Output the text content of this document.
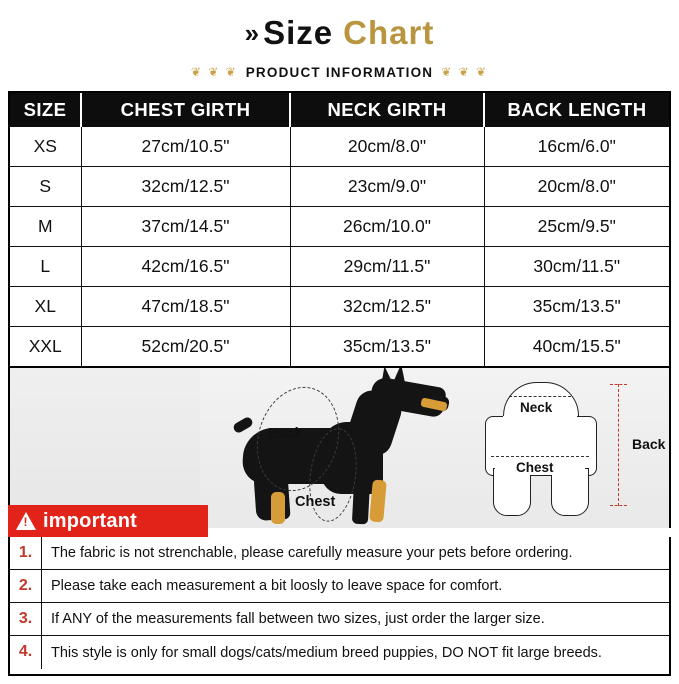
» Size Chart
❦ ❦ ❦ PRODUCT INFORMATION ❦ ❦ ❦
SIZE	CHEST GIRTH	NECK GIRTH	BACK LENGTH
XS	27cm/10.5"	20cm/8.0"	16cm/6.0"
S	32cm/12.5"	23cm/9.0"	20cm/8.0"
M	37cm/14.5"	26cm/10.0"	25cm/9.5"
L	42cm/16.5"	29cm/11.5"	30cm/11.5"
XL	47cm/18.5"	32cm/12.5"	35cm/13.5"
XXL	52cm/20.5"	35cm/13.5"	40cm/15.5"
Back
Chest
Neck
Chest
Back
!
important
1.	The fabric is not strenchable, please carefully measure your pets before ordering.
2.	Please take each measurement a bit loosly to leave space for comfort.
3.	If ANY of the measurements fall between two sizes, just order the larger size.
4.	This style is only for small dogs/cats/medium breed puppies, DO NOT fit large breeds.
